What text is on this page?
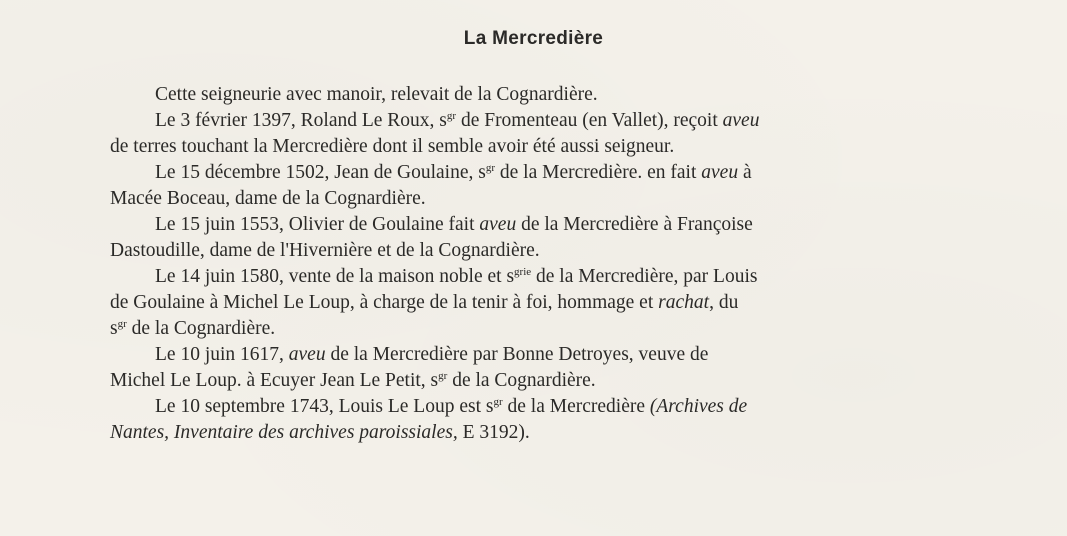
La Mercredière
Cette seigneurie avec manoir, relevait de la Cognardière.
Le 3 février 1397, Roland Le Roux, $s^{gr}$ de Fromenteau (en Vallet), reçoit aveu
de terres touchant la Mercredière dont il semble avoir été aussi seigneur.
Le 15 décembre 1502, Jean de Goulaine, $s^{gr}$ de la Mercredière. en fait aveu à
Macée Boceau, dame de la Cognardière.
Le 15 juin 1553, Olivier de Goulaine fait aveu de la Mercredière à Françoise
Dastoudille, dame de l'Hivernière et de la Cognardière.
Le 14 juin 1580, vente de la maison noble et $s^{grie}$ de la Mercredière, par Louis
de Goulaine à Michel Le Loup, à charge de la tenir à foi, hommage et rachat, du
$s^{gr}$ de la Cognardière.
Le 10 juin 1617, aveu de la Mercredière par Bonne Detroyes, veuve de
Michel Le Loup. à Ecuyer Jean Le Petit, $s^{gr}$ de la Cognardière.
Le 10 septembre 1743, Louis Le Loup est $s^{gr}$ de la Mercredière (Archives de
Nantes, Inventaire des archives paroissiales, E 3192).
